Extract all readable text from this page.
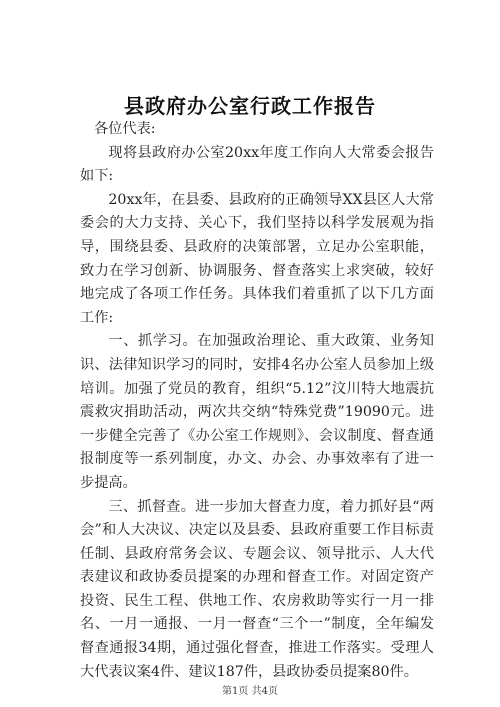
县政府办公室行政工作报告

各位代表:

现将县政府办公室20xx年度工作向人大常委会报告如下:

20xx年，在县委、县政府的正确领导XX县区人大常委会的大力支持、关心下，我们坚持以科学发展观为指导，围绕县委、县政府的决策部署，立足办公室职能，致力在学习创新、协调服务、督查落实上求突破，较好地完成了各项工作任务。具体我们着重抓了以下几方面工作:

一、抓学习。在加强政治理论、重大政策、业务知识、法律知识学习的同时，安排4名办公室人员参加上级培训。加强了党员的教育，组织“5.12”汶川特大地震抗震救灾捐助活动，两次共交纳“特殊党费”19090元。进一步健全完善了《办公室工作规则》、会议制度、督查通报制度等一系列制度，办文、办会、办事效率有了进一步提高。

三、抓督查。进一步加大督查力度，着力抓好县“两会”和人大决议、决定以及县委、县政府重要工作目标责任制、县政府常务会议、专题会议、领导批示、人大代表建议和政协委员提案的办理和督查工作。对固定资产投资、民生工程、供地工作、农房救助等实行一月一排名、一月一通报、一月一督查“三个一”制度，全年编发督查通报34期，通过强化督查，推进工作落实。受理人大代表议案4件、建议187件，县政协委员提案80件。

第1页 共4页
